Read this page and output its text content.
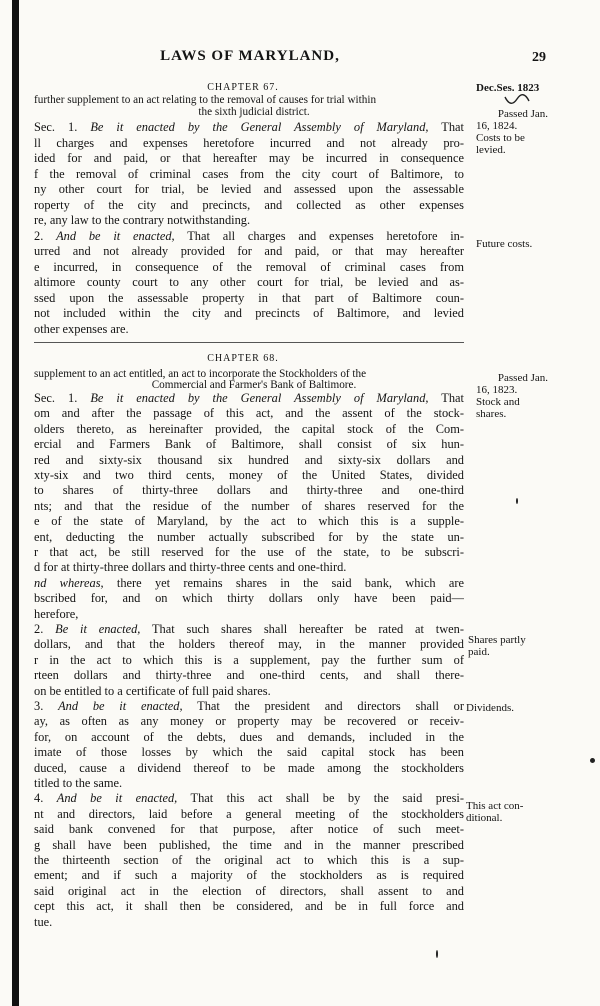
LAWS OF MARYLAND,	29
CHAPTER 67.
further supplement to an act relating to the removal of causes for trial within
the sixth judicial district.
Sec. 1. Be it enacted by the General Assembly of Maryland, That
ll charges and expenses heretofore incurred and not already pro-
ided for and paid, or that hereafter may be incurred in consequence
f the removal of criminal cases from the city court of Baltimore, to
ny other court for trial, be levied and assessed upon the assessable
roperty of the city and precincts, and collected as other expenses
re, any law to the contrary notwithstanding.
2. And be it enacted, That all charges and expenses heretofore in-
urred and not already provided for and paid, or that may hereafter
e incurred, in consequence of the removal of criminal cases from
altimore county court to any other court for trial, be levied and as-
ssed upon the assessable property in that part of Baltimore coun-
not included within the city and precincts of Baltimore, and levied
other expenses are.
Dec.Ses. 1823
Passed Jan.
16, 1824.
Costs to be
levied.
Future costs.
CHAPTER 68.
supplement to an act entitled, an act to incorporate the Stockholders of the
Commercial and Farmer's Bank of Baltimore.
Sec. 1. Be it enacted by the General Assembly of Maryland, That
om and after the passage of this act, and the assent of the stock-
olders thereto, as hereinafter provided, the capital stock of the Com-
ercial and Farmers Bank of Baltimore, shall consist of six hun-
red and sixty-six thousand six hundred and sixty-six dollars and
xty-six and two third cents, money of the United States, divided
to shares of thirty-three dollars and thirty-three and one-third
nts; and that the residue of the number of shares reserved for the
e of the state of Maryland, by the act to which this is a supple-
ent, deducting the number actually subscribed for by the state un-
r that act, be still reserved for the use of the state, to be subscri-
d for at thirty-three dollars and thirty-three cents and one-third.
nd whereas, there yet remains shares in the said bank, which are
bscribed for, and on which thirty dollars only have been paid—
herefore,
2. Be it enacted, That such shares shall hereafter be rated at twen-
dollars, and that the holders thereof may, in the manner provided
r in the act to which this is a supplement, pay the further sum of
rteen dollars and thirty-three and one-third cents, and shall there-
on be entitled to a certificate of full paid shares.
3. And be it enacted, That the president and directors shall or
ay, as often as any money or property may be recovered or receiv-
for, on account of the debts, dues and demands, included in the
imate of those losses by which the said capital stock has been
duced, cause a dividend thereof to be made among the stockholders
titled to the same.
4. And be it enacted, That this act shall be by the said presi-
nt and directors, laid before a general meeting of the stockholders
said bank convened for that purpose, after notice of such meet-
g shall have been published, the time and in the manner prescribed
the thirteenth section of the original act to which this is a sup-
ement; and if such a majority of the stockholders as is required
said original act in the election of directors, shall assent to and
cept this act, it shall then be considered, and be in full force and
tue.
Passed Jan.
16, 1823.
Stock and
shares.
Shares partly
paid.
Dividends.
This act con-
ditional.
